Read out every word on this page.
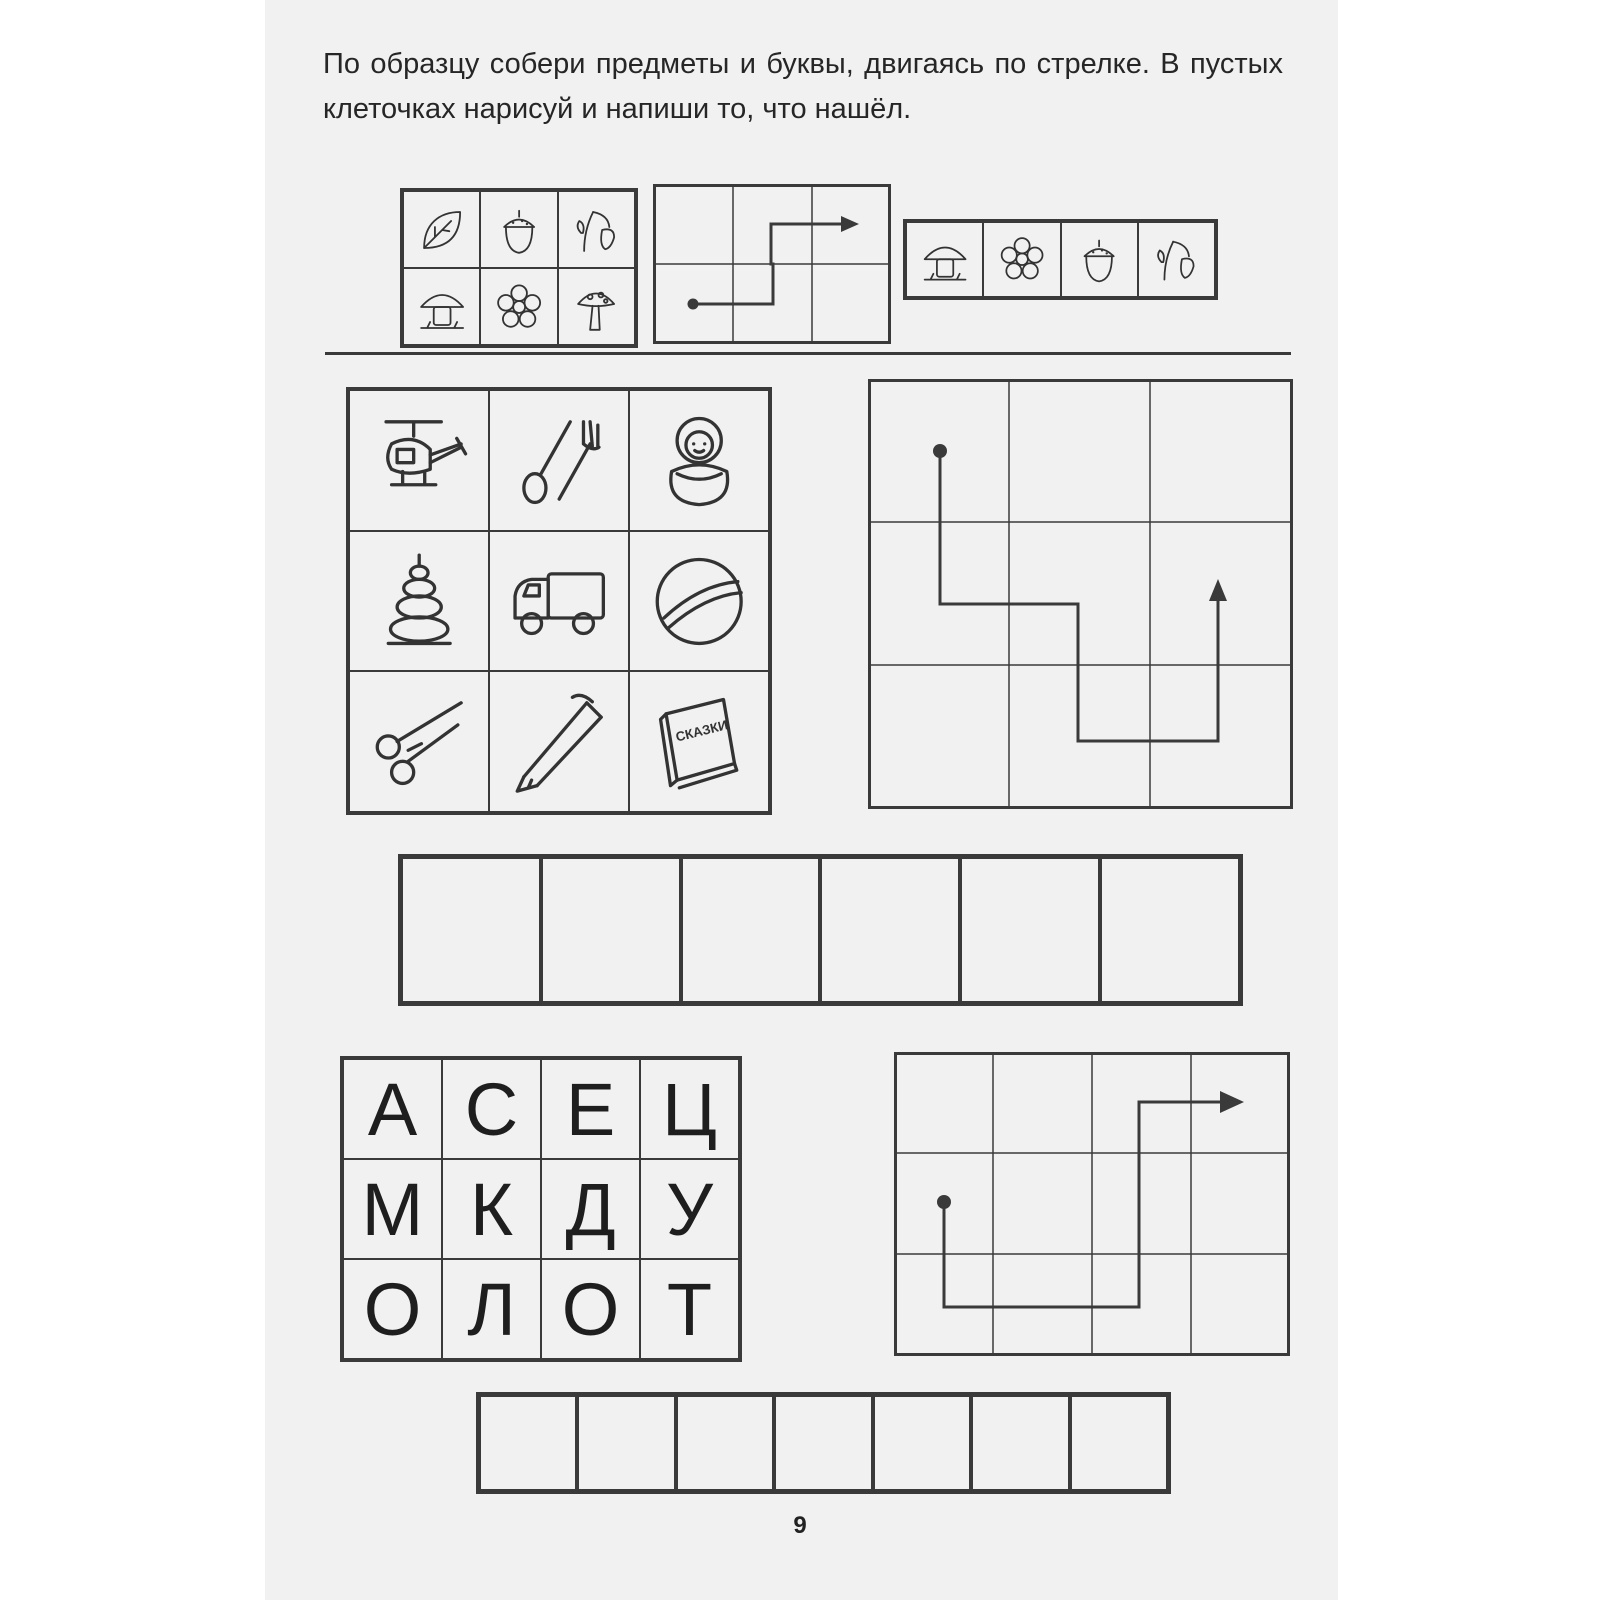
По образцу собери предметы и буквы, двигаясь по стрелке. В пустых клеточках нарисуй и напиши то, что нашёл.
СКАЗКИ
А С Е Ц
М К Д У
О Л О Т
9
